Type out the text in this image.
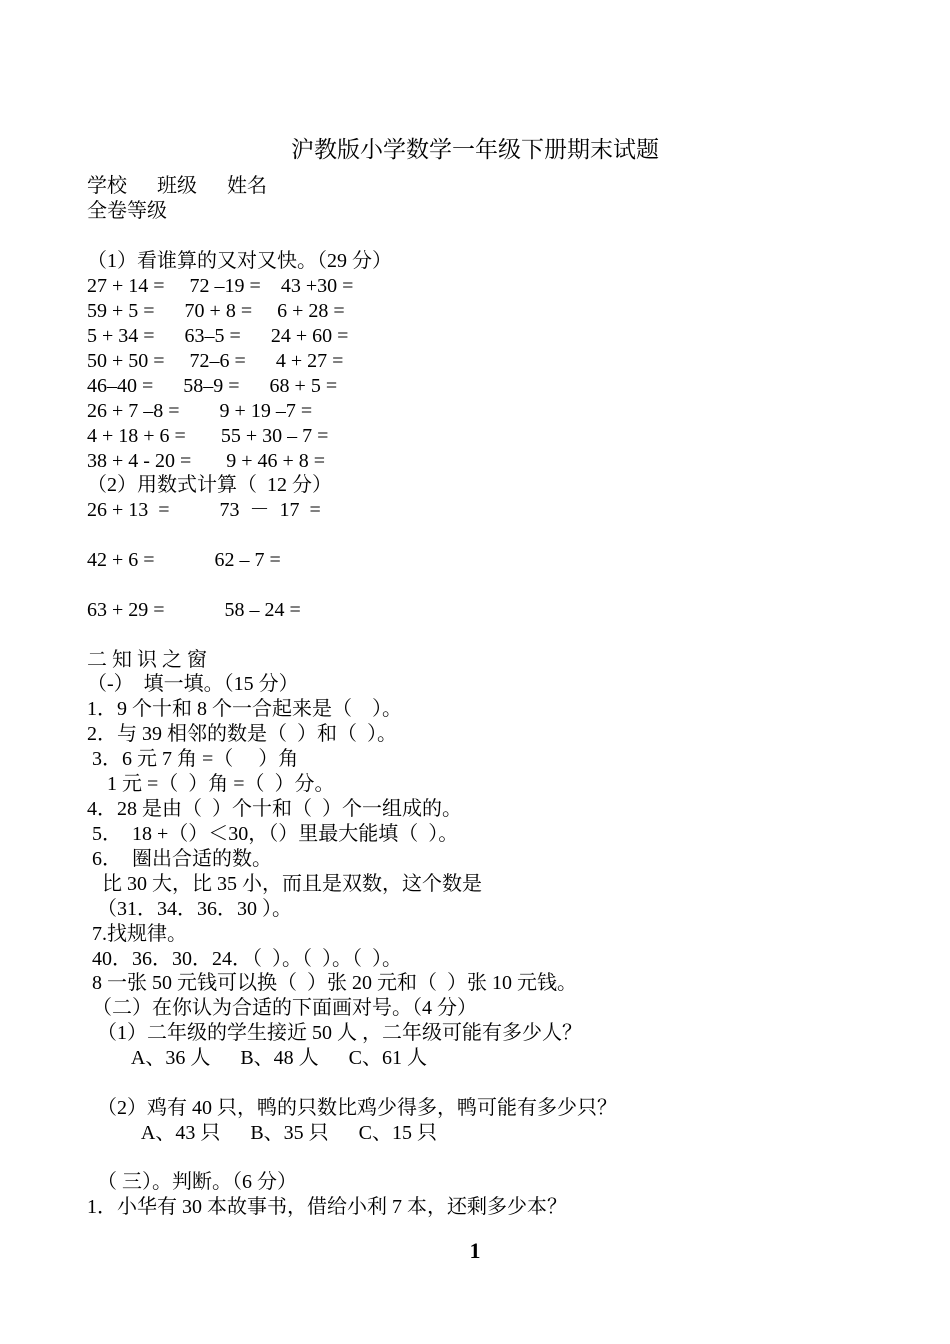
沪教版小学数学一年级下册期末试题
学校      班级      姓名
全卷等级
（1）看谁算的又对又快。（29 分）
27 + 14 =     72 –19 =    43 +30 =
59 + 5 =      70 + 8 =     6 + 28 =
5 + 34 =      63–5 =      24 + 60 =
50 + 50 =     72–6 =      4 + 27 =
46–40 =      58–9 =      68 + 5 =
26 + 7 –8 =        9 + 19 –7 =
4 + 18 + 6 =       55 + 30 – 7 =
38 + 4 - 20 =       9 + 46 + 8 =
（2）用数式计算（  12 分）
26 + 13  =          73  －  17  =
42 + 6 =            62 – 7 =
63 + 29 =            58 – 24 =
二 知 识 之 窗
（-）  填一填。（15 分）
1．9 个十和 8 个一合起来是（    ）。
2．与 39 相邻的数是（  ）和（  ）。
3．6 元 7 角 =（     ）角
1 元 =（  ）角 =（  ）分。
4．28 是由（  ）个十和（  ）个一组成的。
5．  18 +（）＜30，（）里最大能填（  ）。
6．  圈出合适的数。
比 30 大，比 35 小，而且是双数，这个数是
（31．34．36．30 ）。
7.找规律。
40．36．30．24．（  ）。（  ）。（  ）。
8 一张 50 元钱可以换（  ）张 20 元和（  ）张 10 元钱。
（二）在你认为合适的下面画对号。（4 分）
（1）二年级的学生接近 50 人 ，二年级可能有多少人？
A、36 人      B、48 人      C、61 人
（2）鸡有 40 只，鸭的只数比鸡少得多，鸭可能有多少只？
A、43 只      B、35 只      C、15 只
（ 三）。判断。（6 分）
1．小华有 30 本故事书，借给小利 7 本，还剩多少本？
1
